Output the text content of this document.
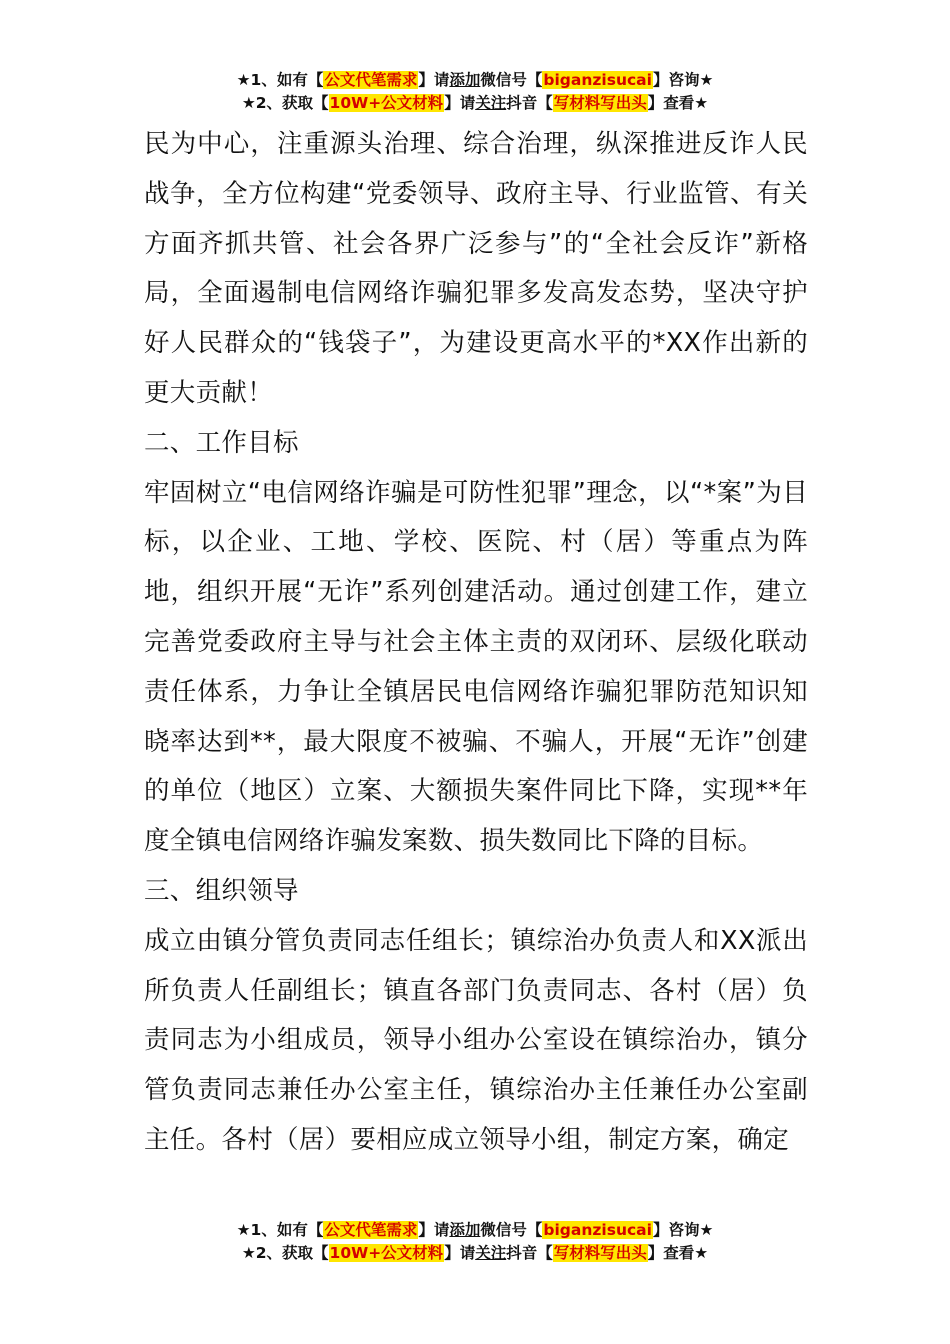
★1、如有【公文代笔需求】请添加微信号【biganzisucai】咨询★
★2、获取【10W+公文材料】请关注抖音【写材料写出头】查看★

民为中心，注重源头治理、综合治理，纵深推进反诈人民战争，全方位构建“党委领导、政府主导、行业监管、有关方面齐抓共管、社会各界广泛参与”的“全社会反诈”新格局，全面遏制电信网络诈骗犯罪多发高发态势，坚决守护好人民群众的“钱袋子”，为建设更高水平的*XX作出新的更大贡献！

二、工作目标

牢固树立“电信网络诈骗是可防性犯罪”理念，以“*案”为目标，以企业、工地、学校、医院、村（居）等重点为阵地，组织开展“无诈”系列创建活动。通过创建工作，建立完善党委政府主导与社会主体主责的双闭环、层级化联动责任体系，力争让全镇居民电信网络诈骗犯罪防范知识知晓率达到**，最大限度不被骗、不骗人，开展“无诈”创建的单位（地区）立案、大额损失案件同比下降，实现**年度全镇电信网络诈骗发案数、损失数同比下降的目标。

三、组织领导

成立由镇分管负责同志任组长；镇综治办负责人和XX派出所负责人任副组长；镇直各部门负责同志、各村（居）负责同志为小组成员，领导小组办公室设在镇综治办，镇分管负责同志兼任办公室主任，镇综治办主任兼任办公室副主任。各村（居）要相应成立领导小组，制定方案，确定

★1、如有【公文代笔需求】请添加微信号【biganzisucai】咨询★
★2、获取【10W+公文材料】请关注抖音【写材料写出头】查看★
